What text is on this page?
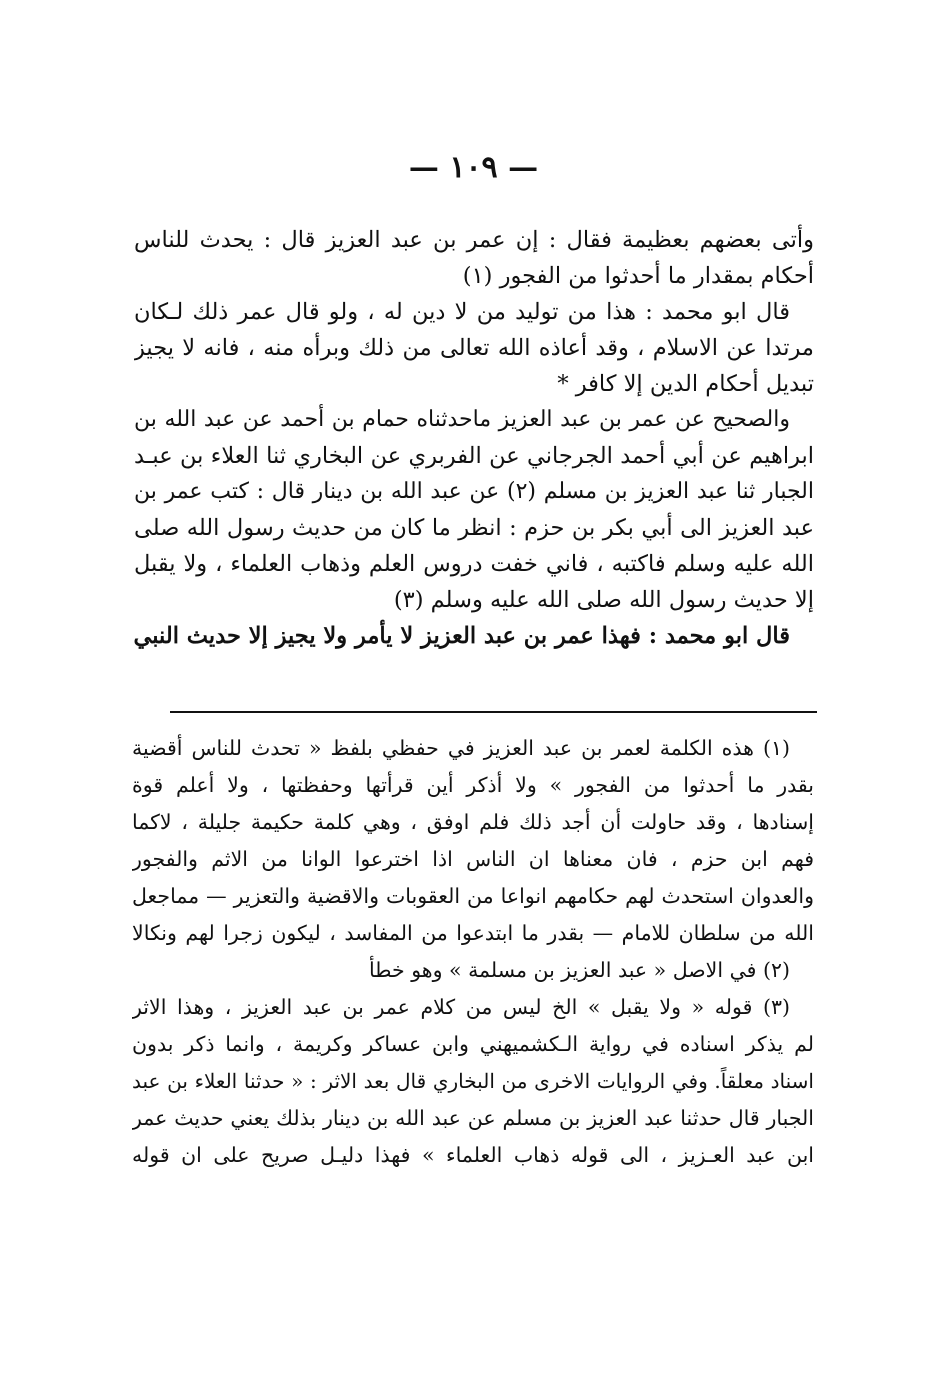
— ١٠٩ —
وأتى بعضهم بعظيمة فقال : إن عمر بن عبد العزيز قال : يحدث للناس
أحكام بمقدار ما أحدثوا من الفجور (١)
قال ابو محمد : هذا من توليد من لا دين له ، ولو قال عمر ذلك لـكان
مرتدا عن الاسلام ، وقد أعاذه الله تعالى من ذلك وبرأه منه ، فانه لا يجيز
تبديل أحكام الدين إلا كافر *
والصحيح عن عمر بن عبد العزيز ماحدثناه حمام بن أحمد عن عبد الله بن
ابراهيم عن أبي أحمد الجرجاني عن الفربري عن البخاري ثنا العلاء بن عبـد
الجبار ثنا عبد العزيز بن مسلم (٢) عن عبد الله بن دينار قال : كتب عمر بن
عبد العزيز الى أبي بكر بن حزم : انظر ما كان من حديث رسول الله صلى
الله عليه وسلم فاكتبه ، فاني خفت دروس العلم وذهاب العلماء ، ولا يقبل
إلا حديث رسول الله صلى الله عليه وسلم (٣)
قال ابو محمد : فهذا عمر بن عبد العزيز لا يأمر ولا يجيز إلا حديث النبي
(١) هذه الكلمة لعمر بن عبد العزيز في حفظي بلفظ « تحدث للناس أقضية
بقدر ما أحدثوا من الفجور » ولا أذكر أين قرأتها وحفظتها ، ولا أعلم قوة
إسنادها ، وقد حاولت أن أجد ذلك فلم اوفق ، وهي كلمة حكيمة جليلة ، لاكما
فهم ابن حزم ، فان معناها ان الناس اذا اخترعوا الوانا من الاثم والفجور
والعدوان استحدث لهم حكامهم انواعا من العقوبات والاقضية والتعزير — مماجعل
الله من سلطان للامام — بقدر ما ابتدعوا من المفاسد ، ليكون زجرا لهم ونكالا
(٢) في الاصل « عبد العزيز بن مسلمة » وهو خطأ
(٣) قوله « ولا يقبل » الخ ليس من كلام عمر بن عبد العزيز ، وهذا الاثر
لم يذكر اسناده في رواية الـكشميهني وابن عساكر وكريمة ، وانما ذكر بدون
اسناد معلقاً. وفي الروايات الاخرى من البخاري قال بعد الاثر : « حدثنا العلاء بن عبد
الجبار قال حدثنا عبد العزيز بن مسلم عن عبد الله بن دينار بذلك يعني حديث عمر
ابن عبد العـزيز ، الى قوله ذهاب العلماء » فهذا دليـل صريح على ان قوله
